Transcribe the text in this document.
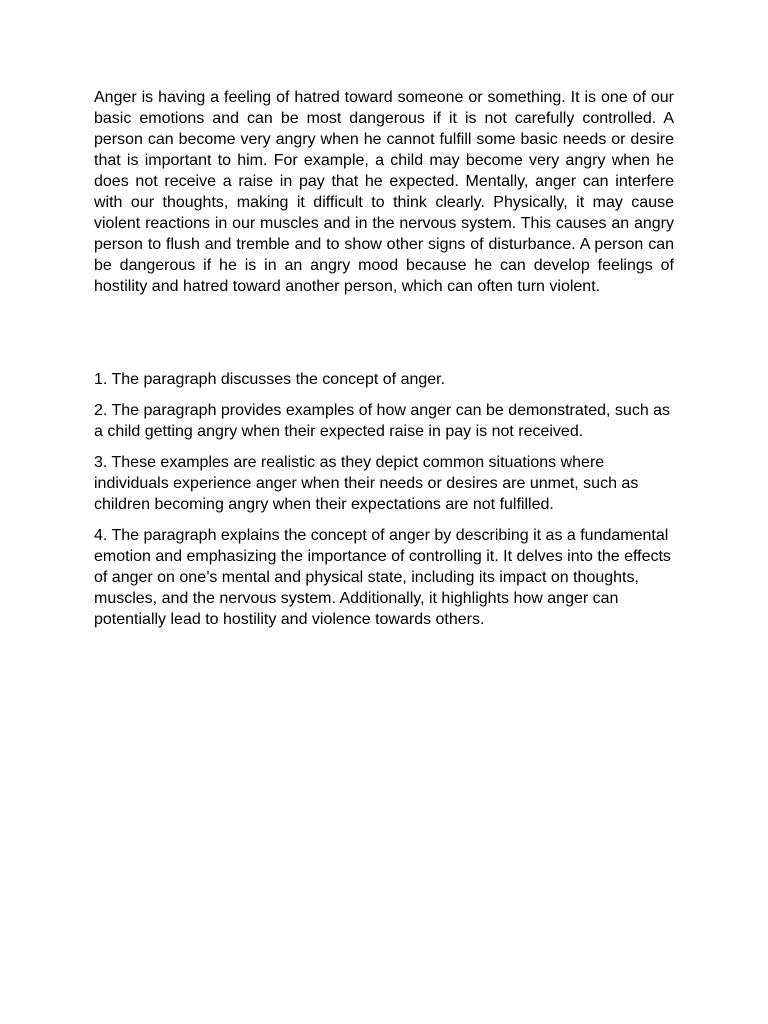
Anger is having a feeling of hatred toward someone or something. It is one of our basic emotions and can be most dangerous if it is not carefully controlled. A person can become very angry when he cannot fulfill some basic needs or desire that is important to him. For example, a child may become very angry when he does not receive a raise in pay that he expected. Mentally, anger can interfere with our thoughts, making it difficult to think clearly. Physically, it may cause violent reactions in our muscles and in the nervous system. This causes an angry person to flush and tremble and to show other signs of disturbance. A person can be dangerous if he is in an angry mood because he can develop feelings of hostility and hatred toward another person, which can often turn violent.

1. The paragraph discusses the concept of anger.

2. The paragraph provides examples of how anger can be demonstrated, such as a child getting angry when their expected raise in pay is not received.

3. These examples are realistic as they depict common situations where individuals experience anger when their needs or desires are unmet, such as children becoming angry when their expectations are not fulfilled.

4. The paragraph explains the concept of anger by describing it as a fundamental emotion and emphasizing the importance of controlling it. It delves into the effects of anger on one’s mental and physical state, including its impact on thoughts, muscles, and the nervous system. Additionally, it highlights how anger can potentially lead to hostility and violence towards others.
